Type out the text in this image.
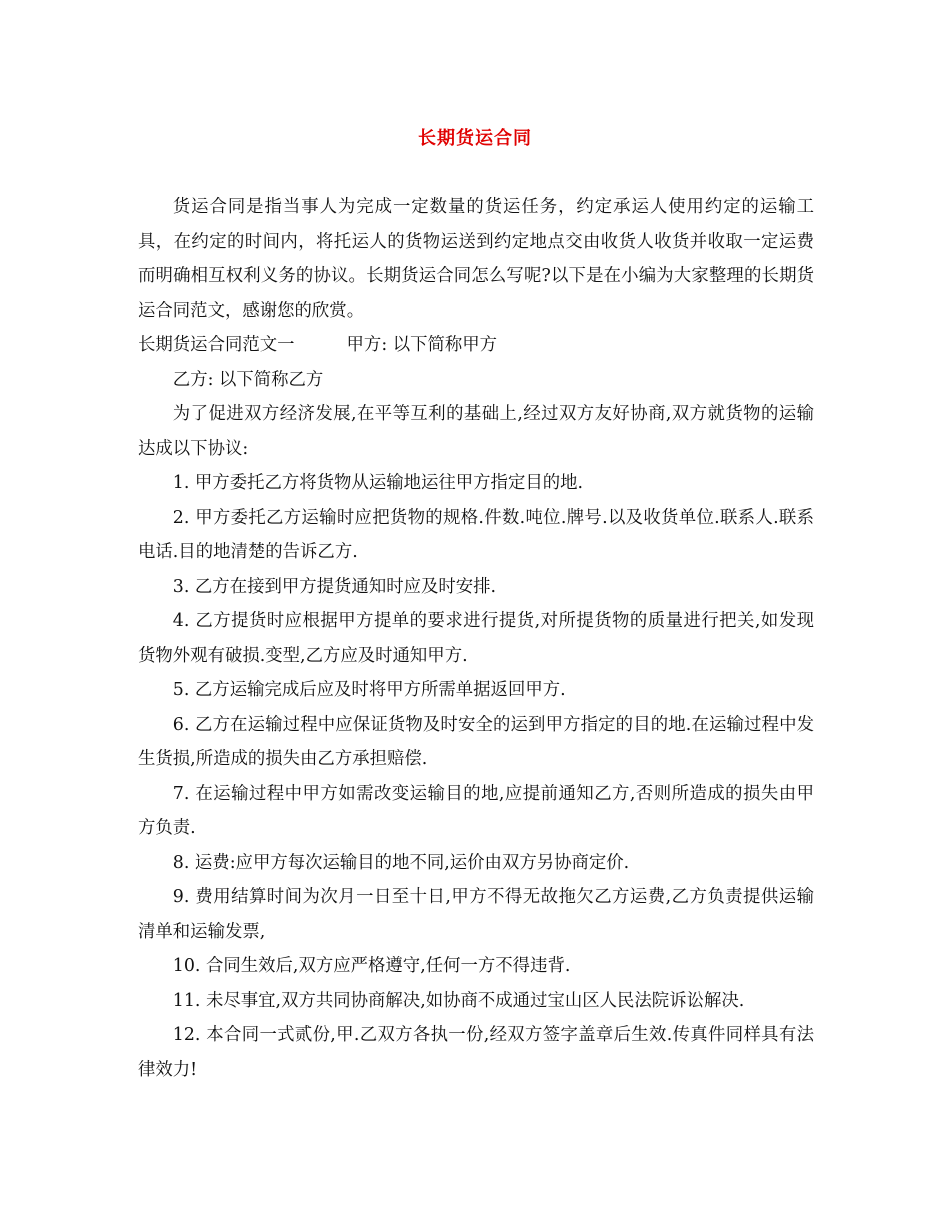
长期货运合同

货运合同是指当事人为完成一定数量的货运任务，约定承运人使用约定的运输工具，在约定的时间内，将托运人的货物运送到约定地点交由收货人收货并收取一定运费而明确相互权利义务的协议。长期货运合同怎么写呢?以下是在小编为大家整理的长期货运合同范文，感谢您的欣赏。

长期货运合同范文一	甲方: 以下简称甲方

乙方: 以下简称乙方

为了促进双方经济发展,在平等互利的基础上,经过双方友好协商,双方就货物的运输达成以下协议:

1. 甲方委托乙方将货物从运输地运往甲方指定目的地.

2. 甲方委托乙方运输时应把货物的规格.件数.吨位.牌号.以及收货单位.联系人.联系电话.目的地清楚的告诉乙方.

3. 乙方在接到甲方提货通知时应及时安排.

4. 乙方提货时应根据甲方提单的要求进行提货,对所提货物的质量进行把关,如发现货物外观有破损.变型,乙方应及时通知甲方.

5. 乙方运输完成后应及时将甲方所需单据返回甲方.

6. 乙方在运输过程中应保证货物及时安全的运到甲方指定的目的地.在运输过程中发生货损,所造成的损失由乙方承担赔偿.

7. 在运输过程中甲方如需改变运输目的地,应提前通知乙方,否则所造成的损失由甲方负责.

8. 运费:应甲方每次运输目的地不同,运价由双方另协商定价.

9. 费用结算时间为次月一日至十日,甲方不得无故拖欠乙方运费,乙方负责提供运输清单和运输发票,

10. 合同生效后,双方应严格遵守,任何一方不得违背.

11. 未尽事宜,双方共同协商解决,如协商不成通过宝山区人民法院诉讼解决.

12. 本合同一式贰份,甲.乙双方各执一份,经双方签字盖章后生效.传真件同样具有法律效力!
